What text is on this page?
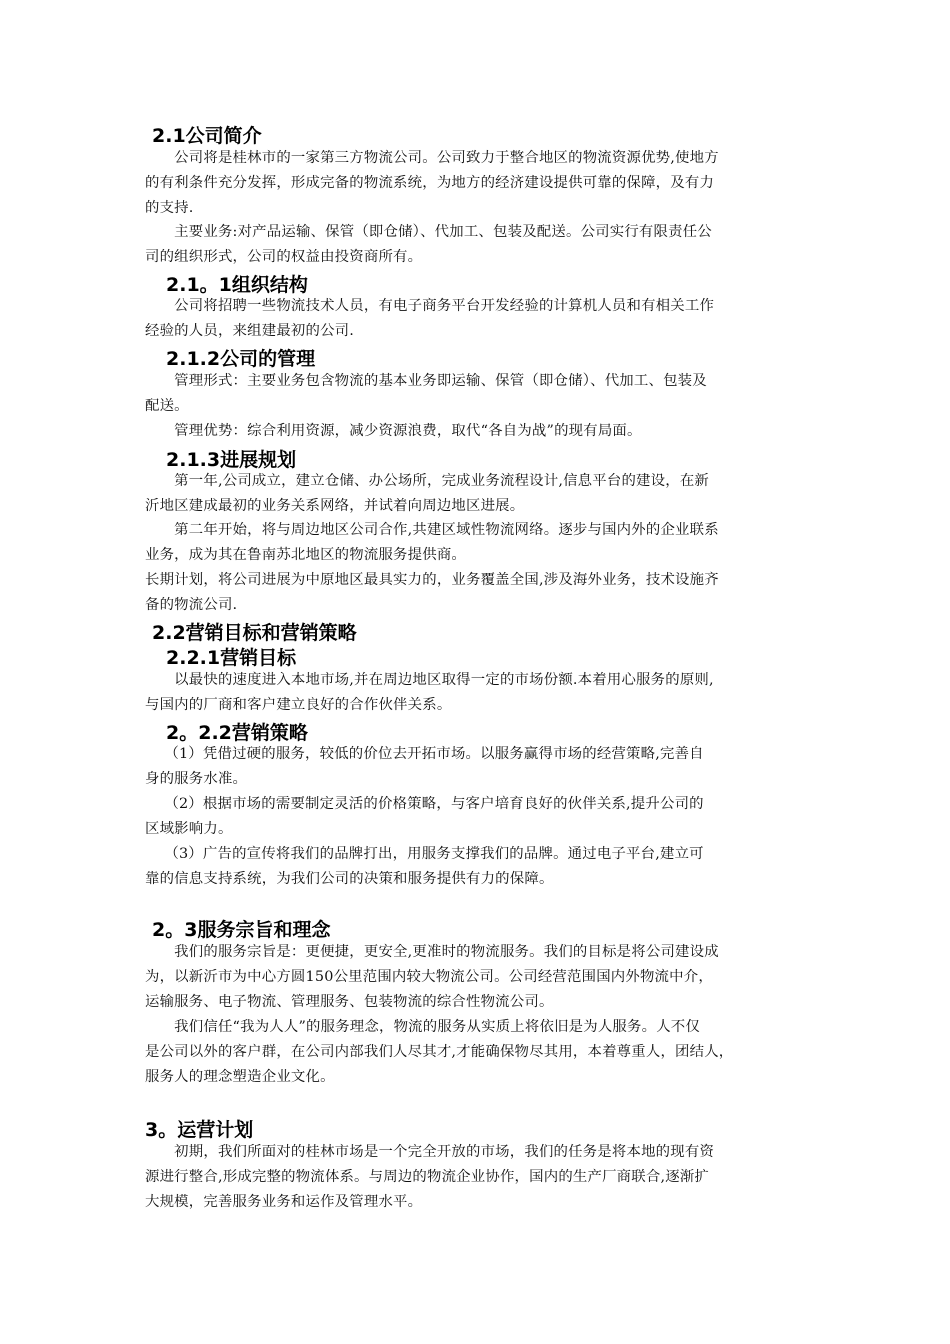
2.1公司简介
　　公司将是桂林市的一家第三方物流公司。公司致力于整合地区的物流资源优势,使地方
的有利条件充分发挥，形成完备的物流系统，为地方的经济建设提供可靠的保障，及有力
的支持.
　　主要业务:对产品运输、保管（即仓储）、代加工、包装及配送。公司实行有限责任公
司的组织形式，公司的权益由投资商所有。
2.1。1组织结构
　　公司将招聘一些物流技术人员，有电子商务平台开发经验的计算机人员和有相关工作
经验的人员，来组建最初的公司.
2.1.2公司的管理
　　管理形式：主要业务包含物流的基本业务即运输、保管（即仓储）、代加工、包装及
配送。
　　管理优势：综合利用资源，减少资源浪费，取代“各自为战”的现有局面。
2.1.3进展规划
　　第一年,公司成立，建立仓储、办公场所，完成业务流程设计,信息平台的建设，在新
沂地区建成最初的业务关系网络，并试着向周边地区进展。
　　第二年开始，将与周边地区公司合作,共建区域性物流网络。逐步与国内外的企业联系
业务，成为其在鲁南苏北地区的物流服务提供商。
长期计划，将公司进展为中原地区最具实力的，业务覆盖全国,涉及海外业务，技术设施齐
备的物流公司.
2.2营销目标和营销策略
2.2.1营销目标
　　以最快的速度进入本地市场,并在周边地区取得一定的市场份额.本着用心服务的原则,
与国内的厂商和客户建立良好的合作伙伴关系。
2。2.2营销策略
　 （1）凭借过硬的服务，较低的价位去开拓市场。以服务赢得市场的经营策略,完善自
身的服务水准。
　 （2）根据市场的需要制定灵活的价格策略，与客户培育良好的伙伴关系,提升公司的
区域影响力。
　 （3）广告的宣传将我们的品牌打出，用服务支撑我们的品牌。通过电子平台,建立可
靠的信息支持系统，为我们公司的决策和服务提供有力的保障。
2。3服务宗旨和理念
　　我们的服务宗旨是：更便捷，更安全,更准时的物流服务。我们的目标是将公司建设成
为，以新沂市为中心方圆150公里范围内较大物流公司。公司经营范围国内外物流中介，
运输服务、电子物流、管理服务、包装物流的综合性物流公司。
　　我们信任“我为人人”的服务理念，物流的服务从实质上将依旧是为人服务。人不仅
是公司以外的客户群，在公司内部我们人尽其才,才能确保物尽其用，本着尊重人，团结人，
服务人的理念塑造企业文化。
3。运营计划
　　初期，我们所面对的桂林市场是一个完全开放的市场，我们的任务是将本地的现有资
源进行整合,形成完整的物流体系。与周边的物流企业协作，国内的生产厂商联合,逐渐扩
大规模，完善服务业务和运作及管理水平。
